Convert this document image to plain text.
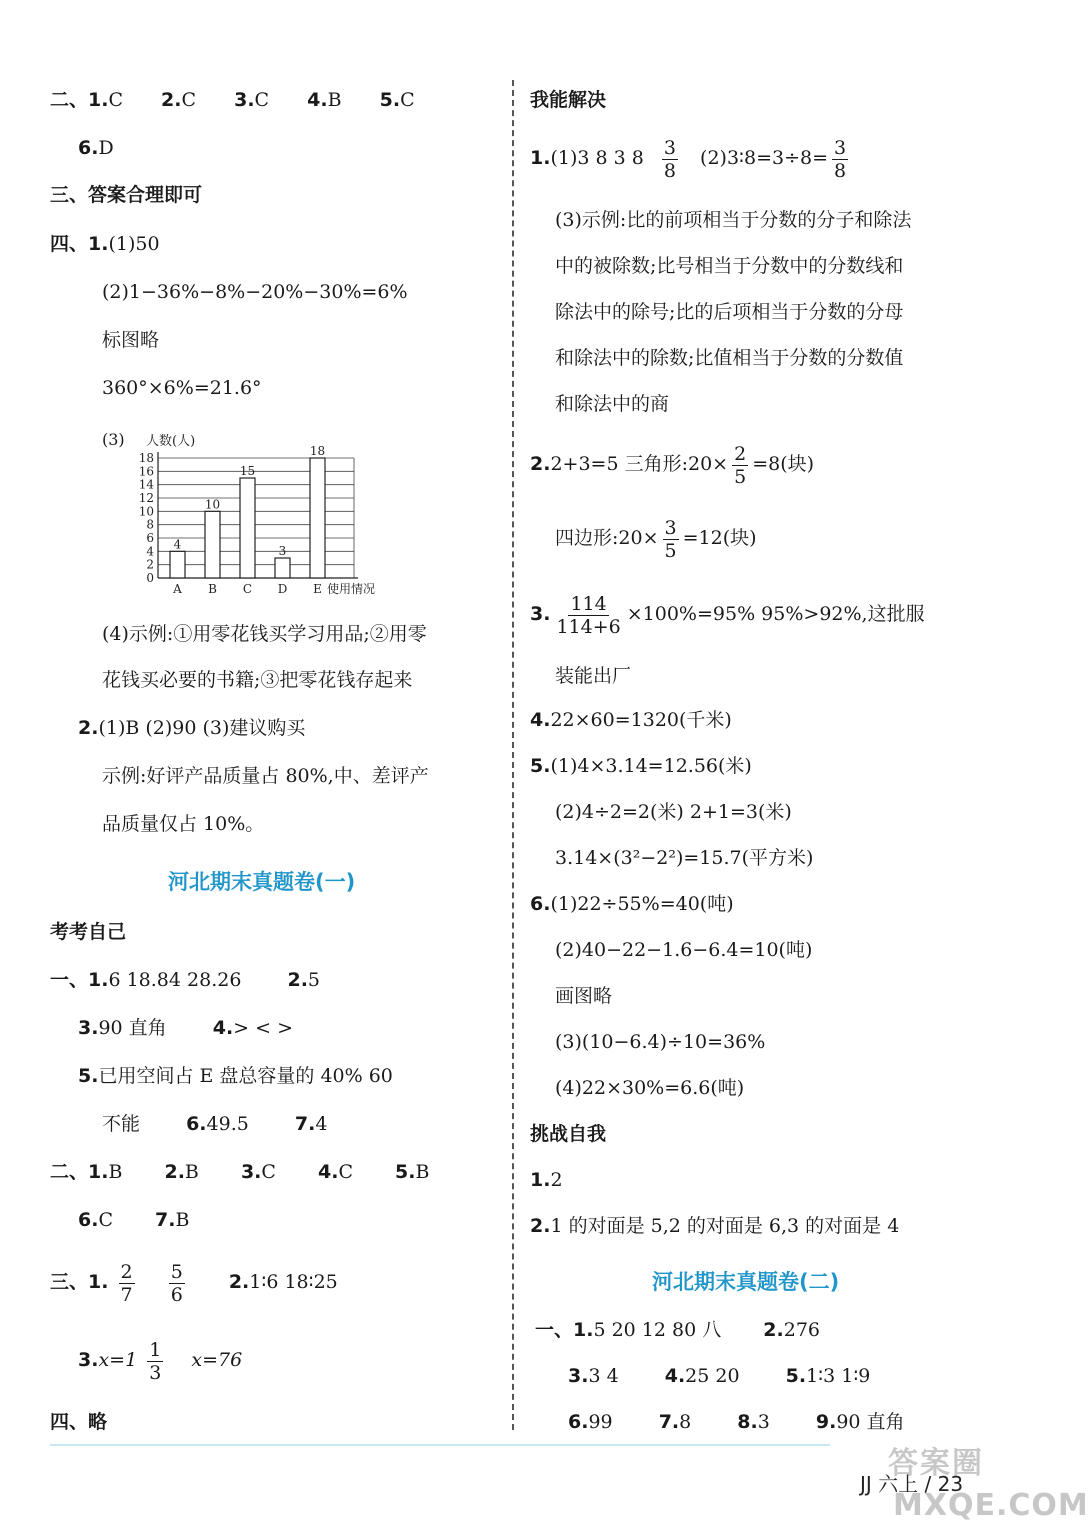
二、1.C 2.C 3.C 4.B 5.C
6.D
三、答案合理即可
四、1.(1)50
(2)1−36%−8%−20%−30%=6%
标图略
360°×6%=21.6°
(3)
0
2
4
6
8
10
12
14
16
18
人数(人)
4
A
10
B
15
C
3
D
18
E 使用情况
(4)示例:①用零花钱买学习用品;②用零
花钱买必要的书籍;③把零花钱存起来
2.(1)B (2)90 (3)建议购买
示例:好评产品质量占 80%,中、差评产
品质量仅占 10%。
河北期末真题卷(一)
考考自己
一、1.6 18.84 28.26 2.5
3.90 直角 4.> < >
5.已用空间占 E 盘总容量的 40% 60
不能 6.49.5 7.4
二、1.B 2.B 3.C 4.C 5.B
6.C 7.B
三、1. $\frac{2}{7}$
$\frac{5}{6}$ 2.1∶6 18∶25
$3.x=1 \frac{1}{3} x=76$
四、略
我能解决
1.(1)3 8 3 $8 \frac{3}{8}$ (2)3∶8=3÷8= $\frac{3}{8}$
(3)示例:比的前项相当于分数的分子和除法
中的被除数;比号相当于分数中的分数线和
除法中的除号;比的后项相当于分数的分母
和除法中的除数;比值相当于分数的分数值
和除法中的商
2.2+3=5 三角形:20× $\frac{2}{5} =8$(块)
四边形:20× $\frac{3}{5} =12$(块)
3. $\frac{114}{114+6} \times 100\%=95\%$ 95%>92%,这批服
装能出厂
4.22×60=1320(千米)
5.(1)4×3.14=12.56(米)
(2)4÷2=2(米) 2+1=3(米)
3.14×(3²−2²)=15.7(平方米)
6.(1)22÷55%=40(吨)
(2)40−22−1.6−6.4=10(吨)
画图略
(3)(10−6.4)÷10=36%
(4)22×30%=6.6(吨)
挑战自我
1.2
2.1 的对面是 5,2 的对面是 6,3 的对面是 4
河北期末真题卷(二)
一、1.5 20 12 80 八 2.276
3.3 4 4.25 20 5.1∶3 1∶9
6.99 7.8 8.3 9.90 直角
JJ 六上 / 23
答案圈
MXQE.COM
